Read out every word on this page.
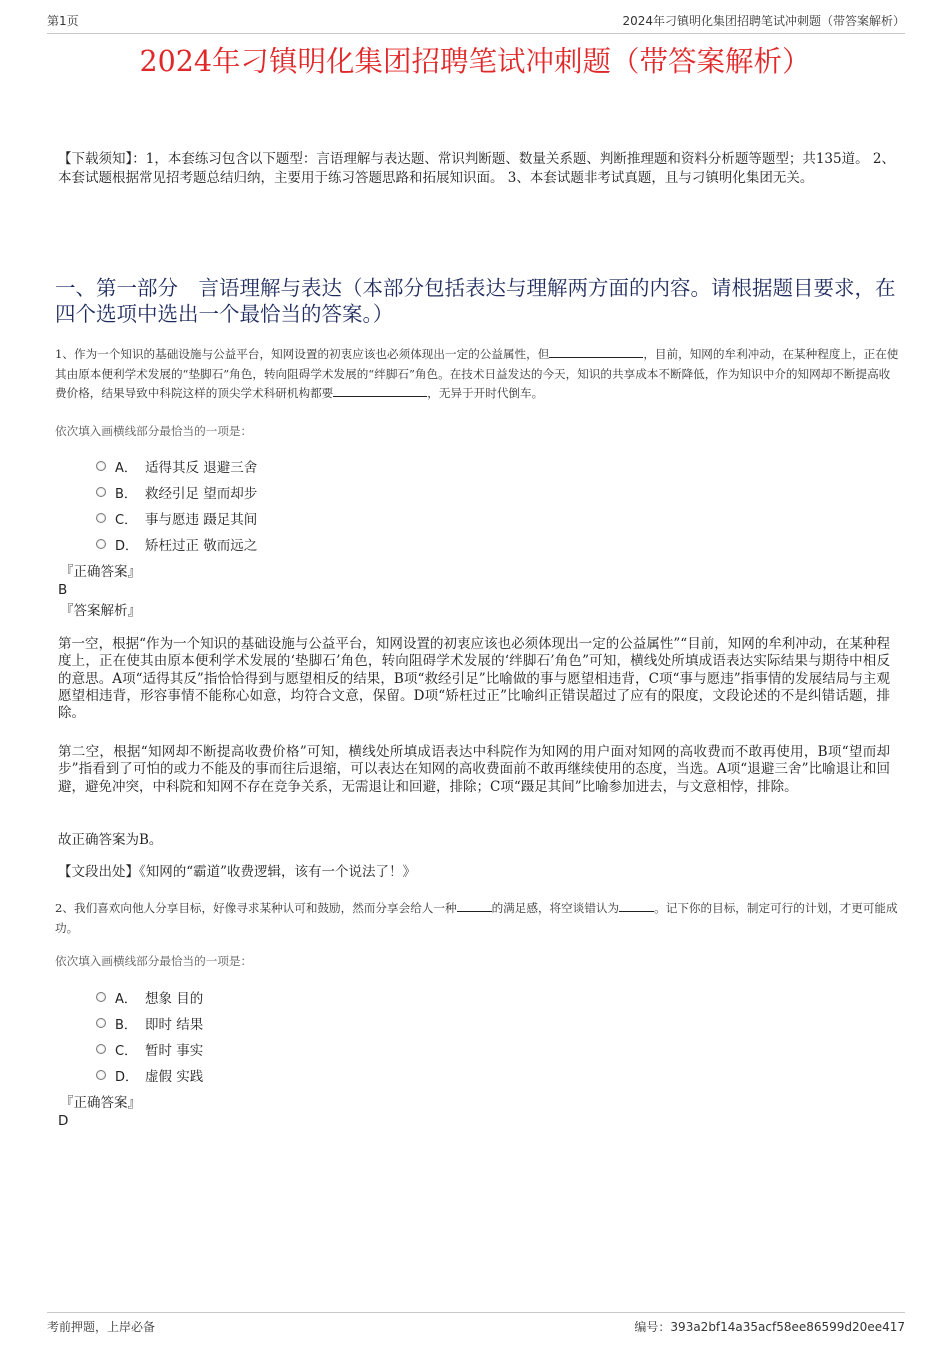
第1页	2024年刁镇明化集团招聘笔试冲刺题（带答案解析）
2024年刁镇明化集团招聘笔试冲刺题（带答案解析）
【下载须知】：1，本套练习包含以下题型：言语理解与表达题、常识判断题、数量关系题、判断推理题和资料分析题等题型；共135道。 2、本套试题根据常见招考题总结归纳，主要用于练习答题思路和拓展知识面。 3、本套试题非考试真题，且与刁镇明化集团无关。
一、第一部分　言语理解与表达（本部分包括表达与理解两方面的内容。请根据题目要求，在四个选项中选出一个最恰当的答案。）
1、作为一个知识的基础设施与公益平台，知网设置的初衷应该也必须体现出一定的公益属性，但	，目前，知网的牟利冲动，在某种程度上，正在使其由原本便利学术发展的“垫脚石”角色，转向阻碍学术发展的“绊脚石”角色。在技术日益发达的今天，知识的共享成本不断降低，作为知识中介的知网却不断提高收费价格，结果导致中科院这样的顶尖学术科研机构都要	，无异于开时代倒车。
依次填入画横线部分最恰当的一项是：
A． 适得其反 退避三舍
B． 救经引足 望而却步
C． 事与愿违 蹑足其间
D． 矫枉过正 敬而远之
『正确答案』
B
『答案解析』
第一空，根据“作为一个知识的基础设施与公益平台，知网设置的初衷应该也必须体现出一定的公益属性”“目前，知网的牟利冲动，在某种程度上，正在使其由原本便利学术发展的‘垫脚石’角色，转向阻碍学术发展的‘绊脚石’角色”可知，横线处所填成语表达实际结果与期待中相反的意思。A项“适得其反”指恰恰得到与愿望相反的结果，B项“救经引足”比喻做的事与愿望相违背，C项“事与愿违”指事情的发展结局与主观愿望相违背，形容事情不能称心如意，均符合文意，保留。D项“矫枉过正”比喻纠正错误超过了应有的限度，文段论述的不是纠错话题，排除。
第二空，根据“知网却不断提高收费价格”可知，横线处所填成语表达中科院作为知网的用户面对知网的高收费而不敢再使用，B项“望而却步”指看到了可怕的或力不能及的事而往后退缩，可以表达在知网的高收费面前不敢再继续使用的态度，当选。A项“退避三舍”比喻退让和回避，避免冲突，中科院和知网不存在竞争关系，无需退让和回避，排除；C项“蹑足其间”比喻参加进去，与文意相悖，排除。
故正确答案为B。
【文段出处】《知网的“霸道”收费逻辑，该有一个说法了！》
2、我们喜欢向他人分享目标，好像寻求某种认可和鼓励，然而分享会给人一种	的满足感，将空谈错认为	。记下你的目标，制定可行的计划，才更可能成功。
依次填入画横线部分最恰当的一项是：
A． 想象 目的
B． 即时 结果
C． 暂时 事实
D． 虚假 实践
『正确答案』
D
考前押题，上岸必备	编号：393a2bf14a35acf58ee86599d20ee417
